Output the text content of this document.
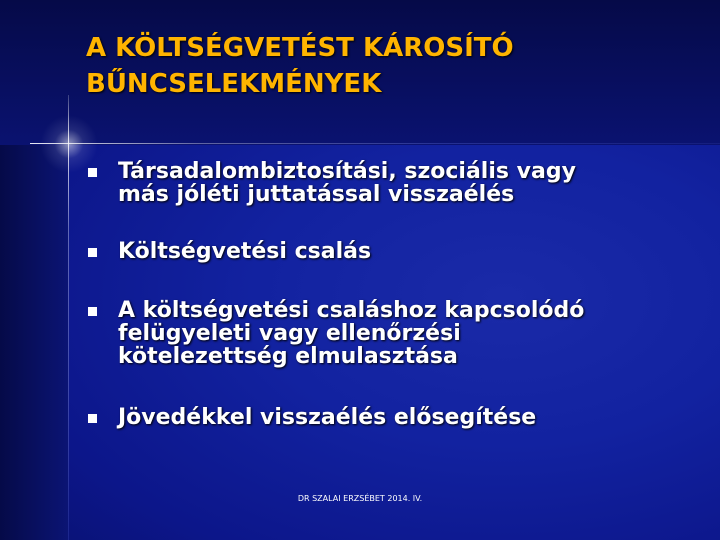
A KÖLTSÉGVETÉST KÁROSÍTÓ
BŰNCSELEKMÉNYEK
Társadalombiztosítási, szociális vagy
más jóléti juttatással visszaélés
Költségvetési csalás
A költségvetési csaláshoz kapcsolódó
felügyeleti vagy ellenőrzési
kötelezettség elmulasztása
Jövedékkel visszaélés elősegítése
DR SZALAI ERZSÉBET 2014. IV.
